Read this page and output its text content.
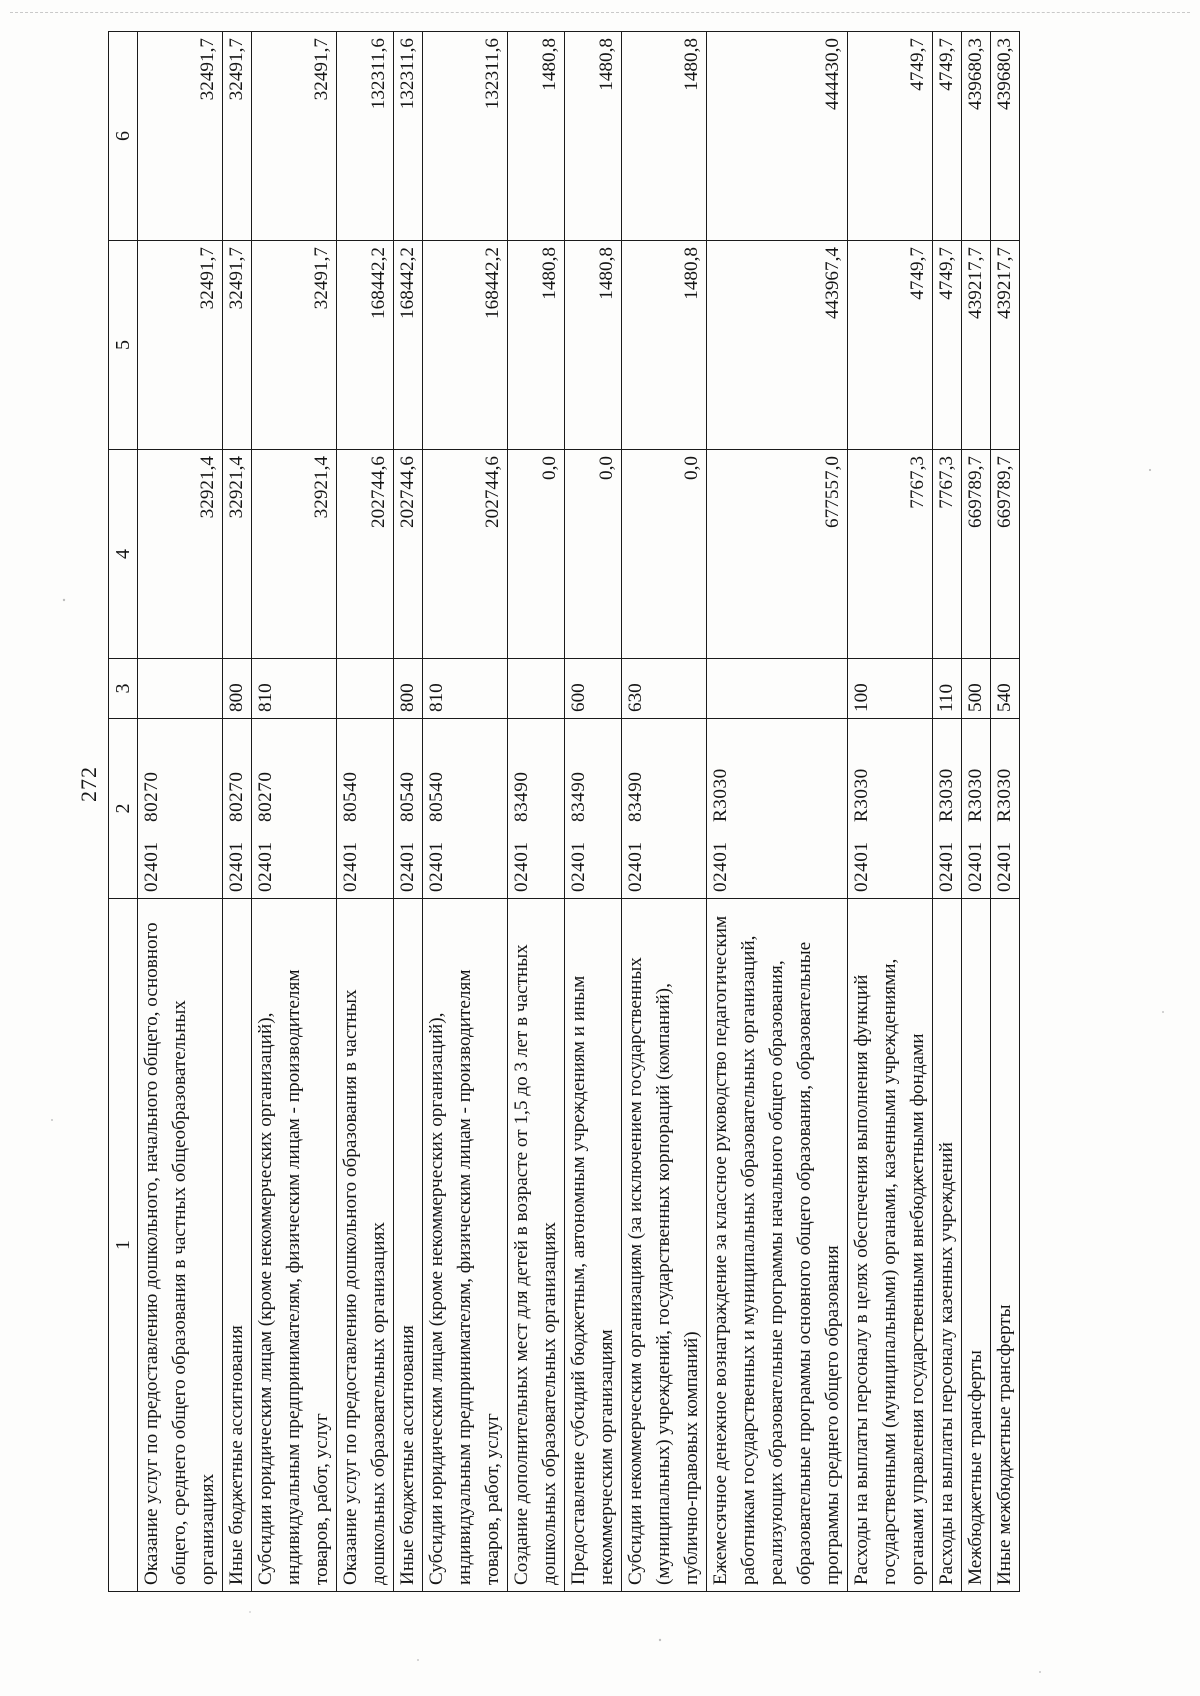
272
1	2	3	4	5	6
Оказание услуг по предоставлению дошкольного, начального общего, основного общего, среднего общего образования в частных общеобразовательных организациях	0240180270		32921,4	32491,7	32491,7
Иные бюджетные ассигнования	0240180270	800	32921,4	32491,7	32491,7
Субсидии юридическим лицам (кроме некоммерческих организаций), индивидуальным предпринимателям, физическим лицам - производителям товаров, работ, услуг	0240180270	810	32921,4	32491,7	32491,7
Оказание услуг по предоставлению дошкольного образования в частных дошкольных образовательных организациях	0240180540		202744,6	168442,2	132311,6
Иные бюджетные ассигнования	0240180540	800	202744,6	168442,2	132311,6
Субсидии юридическим лицам (кроме некоммерческих организаций), индивидуальным предпринимателям, физическим лицам - производителям товаров, работ, услуг	0240180540	810	202744,6	168442,2	132311,6
Создание дополнительных мест для детей в возрасте от 1,5 до 3 лет в частных дошкольных образовательных организациях	0240183490		0,0	1480,8	1480,8
Предоставление субсидий бюджетным, автономным учреждениям и иным некоммерческим организациям	0240183490	600	0,0	1480,8	1480,8
Субсидии некоммерческим организациям (за исключением государственных (муниципальных) учреждений, государственных корпораций (компаний), публично-правовых компаний)	0240183490	630	0,0	1480,8	1480,8
Ежемесячное денежное вознаграждение за классное руководство педагогическим работникам государственных и муниципальных образовательных организаций, реализующих образовательные программы начального общего образования, образовательные программы основного общего образования, образовательные программы среднего общего образования	02401R3030		677557,0	443967,4	444430,0
Расходы на выплаты персоналу в целях обеспечения выполнения функций государственными (муниципальными) органами, казенными учреждениями, органами управления государственными внебюджетными фондами	02401R3030	100	7767,3	4749,7	4749,7
Расходы на выплаты персоналу казенных учреждений	02401R3030	110	7767,3	4749,7	4749,7
Межбюджетные трансферты	02401R3030	500	669789,7	439217,7	439680,3
Иные межбюджетные трансферты	02401R3030	540	669789,7	439217,7	439680,3
